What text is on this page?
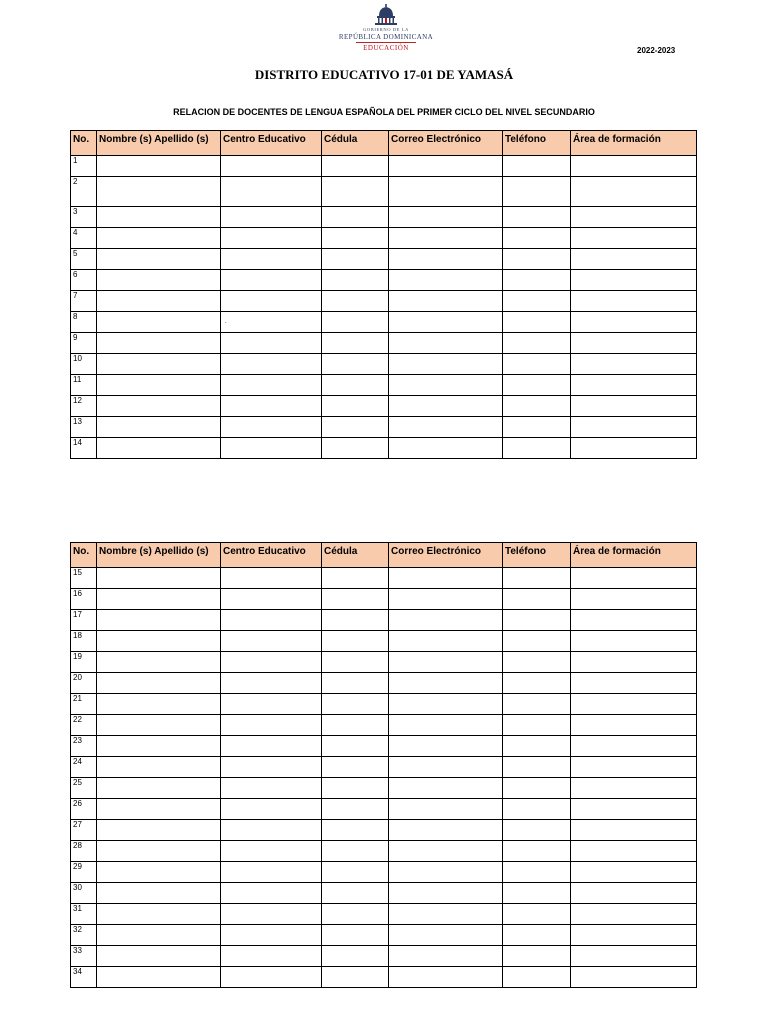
GOBIERNO DE LA
REPÚBLICA DOMINICANA
EDUCACIÓN	2022-2023
DISTRITO EDUCATIVO 17-01 DE YAMASÁ
RELACION DE DOCENTES DE LENGUA ESPAÑOLA DEL PRIMER CICLO DEL NIVEL SECUNDARIO
No.	Nombre (s) Apellido (s)	Centro Educativo	Cédula	Correo Electrónico	Teléfono	Área de formación
1						
2						
3						
4						
5						
6						
7						
8						
9						
10						
11						
12						
13						
14						
No.	Nombre (s) Apellido (s)	Centro Educativo	Cédula	Correo Electrónico	Teléfono	Área de formación
15						
16						
17						
18						
19						
20						
21						
22						
23						
24						
25						
26						
27						
28						
29						
30						
31						
32						
33						
34						
.
